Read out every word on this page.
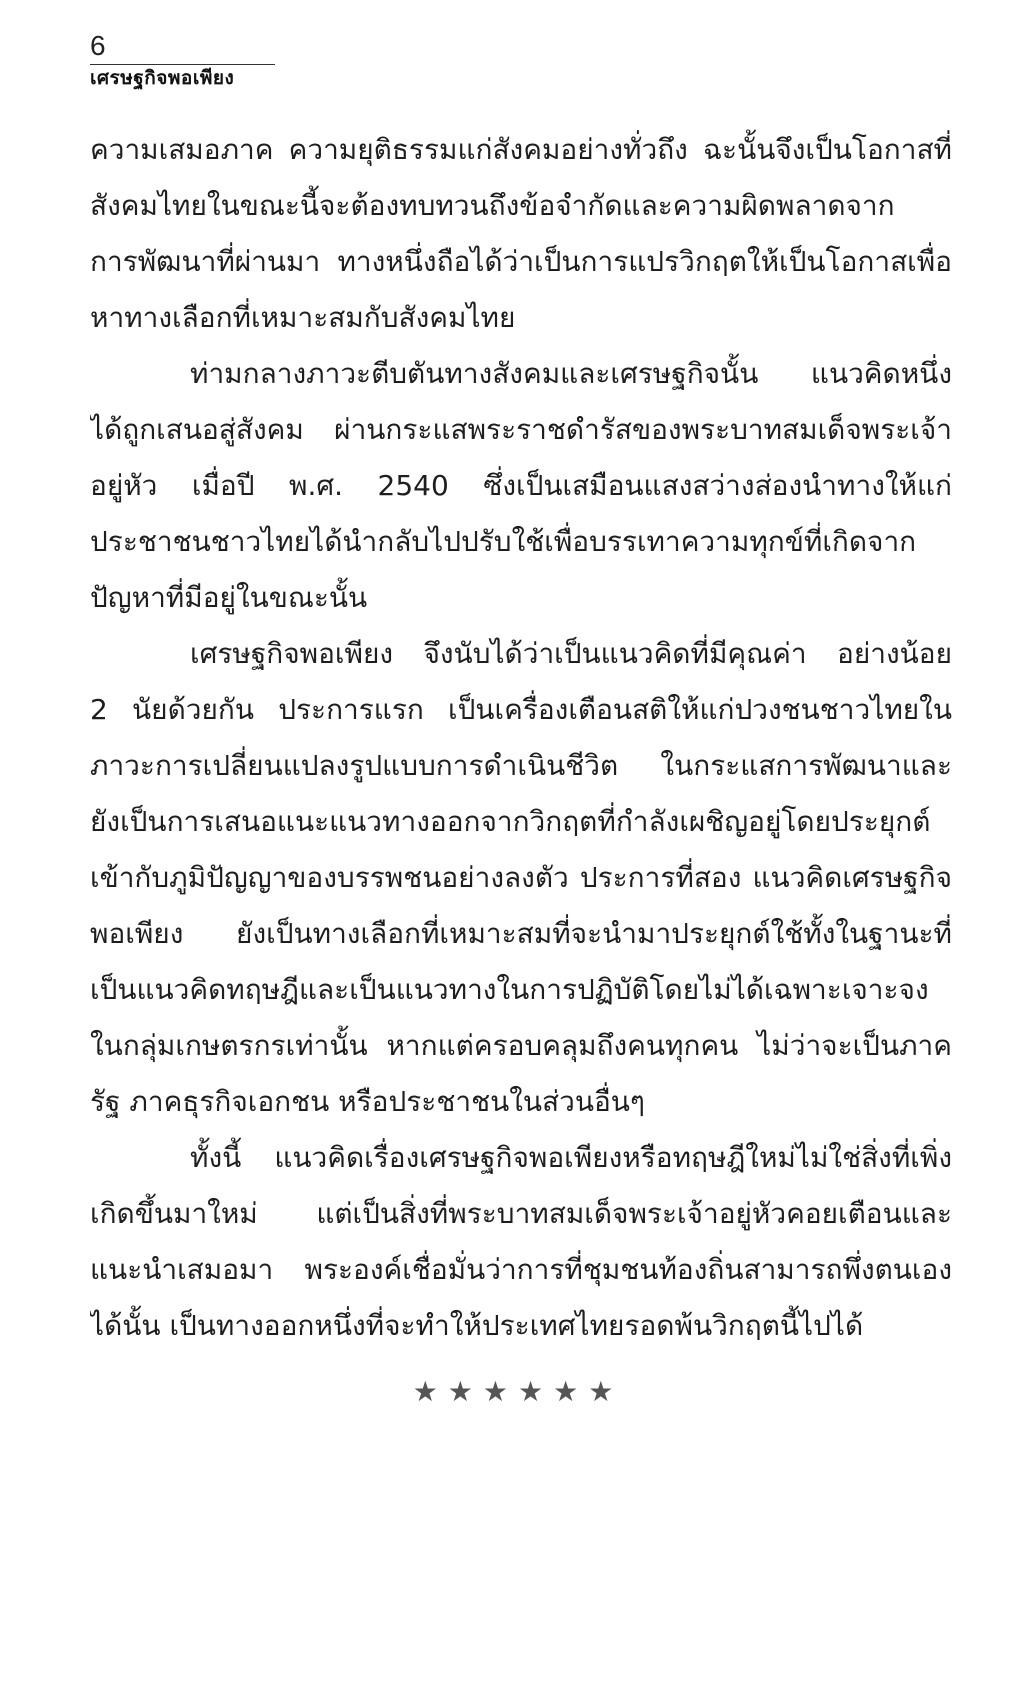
6
เศรษฐกิจพอเพียง
ความเสมอภาค ความยุติธรรมแก่สังคมอย่างทั่วถึง ฉะนั้นจึงเป็นโอกาสที่
สังคมไทยในขณะนี้จะต้องทบทวนถึงข้อจำกัดและความผิดพลาดจาก
การพัฒนาที่ผ่านมา ทางหนึ่งถือได้ว่าเป็นการแปรวิกฤตให้เป็นโอกาสเพื่อ
หาทางเลือกที่เหมาะสมกับสังคมไทย
ท่ามกลางภาวะตีบตันทางสังคมและเศรษฐกิจนั้น แนวคิดหนึ่ง
ได้ถูกเสนอสู่สังคม ผ่านกระแสพระราชดำรัสของพระบาทสมเด็จพระเจ้า
อยู่หัว เมื่อปี พ.ศ. 2540 ซึ่งเป็นเสมือนแสงสว่างส่องนำทางให้แก่
ประชาชนชาวไทยได้นำกลับไปปรับใช้เพื่อบรรเทาความทุกข์ที่เกิดจาก
ปัญหาที่มีอยู่ในขณะนั้น
เศรษฐกิจพอเพียง จึงนับได้ว่าเป็นแนวคิดที่มีคุณค่า อย่างน้อย
2 นัยด้วยกัน ประการแรก เป็นเครื่องเตือนสติให้แก่ปวงชนชาวไทยใน
ภาวะการเปลี่ยนแปลงรูปแบบการดำเนินชีวิต ในกระแสการพัฒนาและ
ยังเป็นการเสนอแนะแนวทางออกจากวิกฤตที่กำลังเผชิญอยู่โดยประยุกต์
เข้ากับภูมิปัญญาของบรรพชนอย่างลงตัว ประการที่สอง แนวคิดเศรษฐกิจ
พอเพียง ยังเป็นทางเลือกที่เหมาะสมที่จะนำมาประยุกต์ใช้ทั้งในฐานะที่
เป็นแนวคิดทฤษฎีและเป็นแนวทางในการปฏิบัติโดยไม่ได้เฉพาะเจาะจง
ในกลุ่มเกษตรกรเท่านั้น หากแต่ครอบคลุมถึงคนทุกคน ไม่ว่าจะเป็นภาค
รัฐ ภาคธุรกิจเอกชน หรือประชาชนในส่วนอื่นๆ
ทั้งนี้ แนวคิดเรื่องเศรษฐกิจพอเพียงหรือทฤษฎีใหม่ไม่ใช่สิ่งที่เพิ่ง
เกิดขึ้นมาใหม่ แต่เป็นสิ่งที่พระบาทสมเด็จพระเจ้าอยู่หัวคอยเตือนและ
แนะนำเสมอมา พระองค์เชื่อมั่นว่าการที่ชุมชนท้องถิ่นสามารถพึ่งตนเอง
ได้นั้น เป็นทางออกหนึ่งที่จะทำให้ประเทศไทยรอดพ้นวิกฤตนี้ไปได้
★★★★★★
